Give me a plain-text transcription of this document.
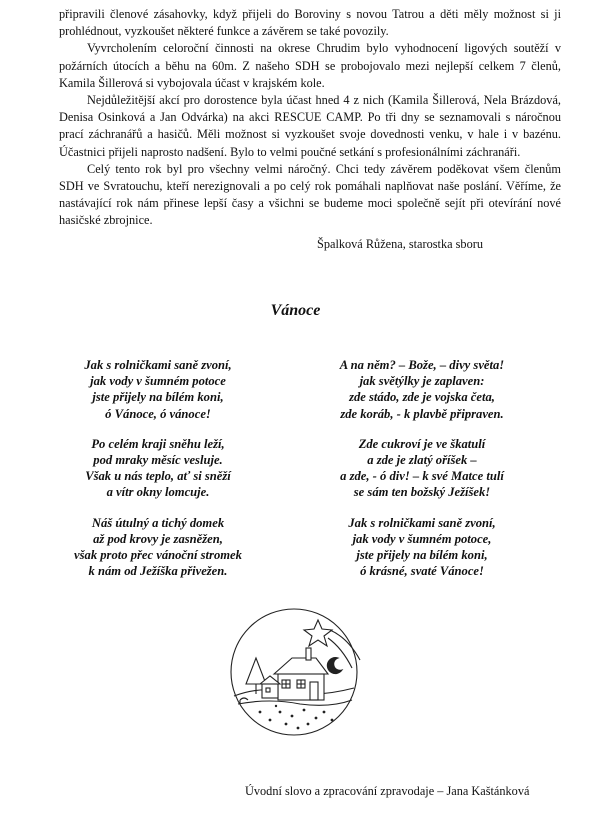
připravili členové zásahovky, když přijeli do Boroviny s novou Tatrou a děti měly možnost si ji prohlédnout, vyzkoušet některé funkce a závěrem se také povozily.

Vyvrcholením celoroční činnosti na okrese Chrudim bylo vyhodnocení ligových soutěží v požárních útocích a běhu na 60m. Z našeho SDH se probojovalo mezi nejlepší celkem 7 členů, Kamila Šillerová si vybojovala účast v krajském kole.

Nejdůležitější akcí pro dorostence byla účast hned 4 z nich (Kamila Šillerová, Nela Brázdová, Denisa Osinková a Jan Odvárka) na akci RESCUE CAMP. Po tři dny se seznamovali s náročnou prací záchranářů a hasičů. Měli možnost si vyzkoušet svoje dovednosti venku, v hale i v bazénu. Účastnici přijeli naprosto nadšení. Bylo to velmi poučné setkání s profesionálními záchranáři.

Celý tento rok byl pro všechny velmi náročný. Chci tedy závěrem poděkovat všem členům SDH ve Svratouchu, kteří nerezignovali a po celý rok pomáhali naplňovat naše poslání. Věříme, že nastávající rok nám přinese lepší časy a všichni se budeme moci společně sejít při otevírání nové hasičské zbrojnice.

Špalková Růžena, starostka sboru
Vánoce
Jak s rolničkami saně zvoní,
jak vody v šumném potoce
jste přijely na bílém koni,
ó Vánoce, ó vánoce!
Po celém kraji sněhu leží,
pod mraky měsíc vesluje.
Však u nás teplo, ať si sněží
a vítr okny lomcuje.
Náš útulný a tichý domek
až pod krovy je zasněžen,
však proto přec vánoční stromek
k nám od Ježíška přivežen.
A na něm? – Bože, – divy světa!
jak světýlky je zaplaven:
zde stádo, zde je vojska četa,
zde koráb, - k plavbě připraven.
Zde cukroví je ve škatulí
a zde je zlatý oříšek –
a zde, - ó div! – k své Matce tulí
se sám ten božský Ježíšek!
Jak s rolničkami saně zvoní,
jak vody v šumném potoce,
jste přijely na bílém koni,
ó krásné, svaté Vánoce!
Úvodní slovo a zpracování zpravodaje – Jana Kaštánková
